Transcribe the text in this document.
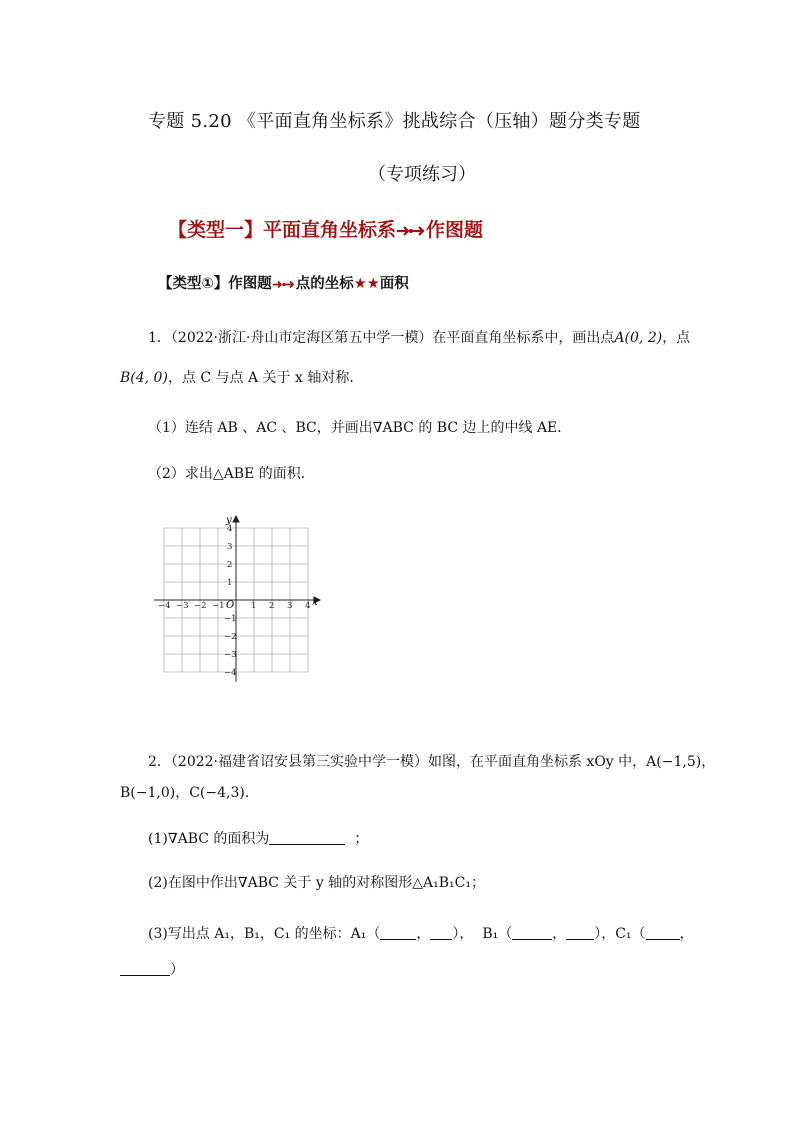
专题 5.20 《平面直角坐标系》挑战综合（压轴）题分类专题
（专项练习）
【类型一】平面直角坐标系 作图题
【类型①】作图题 点的坐标★★面积
1．（2022·浙江·舟山市定海区第五中学一模）在平面直角坐标系中，画出点A(0, 2)，点
B(4, 0)，点 C 与点 A 关于 x 轴对称．
（1）连结 AB 、AC 、BC，并画出∇ABC 的 BC 边上的中线 AE．
（2）求出△ABE 的面积．
x
y
O
−4 −3 −2 −1	1 2 3 4
4
3
2
1
−1
−2
−3
−4
2．（2022·福建省诏安县第三实验中学一模）如图，在平面直角坐标系 xOy 中，A(−1,5)，
B(−1,0)，C(−4,3)．
(1)∇ABC 的面积为	；
(2)在图中作出∇ABC 关于 y 轴的对称图形△A₁B₁C₁；
(3)写出点 A₁，B₁，C₁ 的坐标：A₁（	， ）， B₁（	， ），C₁（ ，
）
